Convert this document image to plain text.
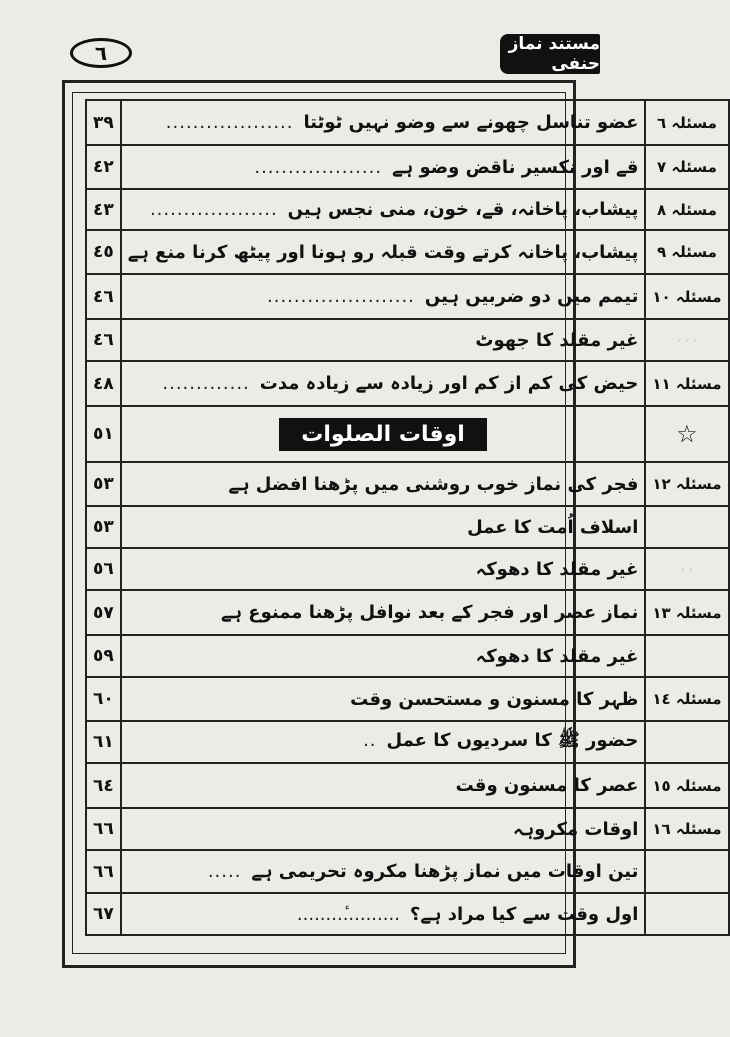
٦	مستند نماز حنفی
مسئلہ ٦	عضو تناسل چھونے سے وضو نہیں ٹوٹتا...................	٣٩
مسئلہ ٧	قے اور نکسیر ناقض وضو ہے...................	٤٢
مسئلہ ٨	پیشاب، پاخانہ، قے، خون، منی نجس ہیں...................	٤٣
مسئلہ ٩	پیشاب، پاخانہ کرتے وقت قبلہ رو ہونا اور پیٹھ کرنا منع ہے	٤٥
مسئلہ ١٠	تیمم میں دو ضربیں ہیں......................	٤٦
٠٠٠	غیر مقلد کا جھوٹ	٤٦
مسئلہ ١١	حیض کی کم از کم اور زیادہ سے زیادہ مدت.............	٤٨
☆	اوقات الصلوات	٥١
مسئلہ ١٢	فجر کی نماز خوب روشنی میں پڑھنا افضل ہے	٥٣
	اسلاف اُمت کا عمل	٥٣
٠٠	غیر مقلد کا دھوکہ	٥٦
مسئلہ ١٣	نماز عصر اور فجر کے بعد نوافل پڑھنا ممنوع ہے	٥٧
	غیر مقلد کا دھوکہ	٥٩
مسئلہ ١٤	ظہر کا مسنون و مستحسن وقت	٦٠
	حضور ﷺ کا سردیوں کا عمل..	٦١
مسئلہ ١٥	عصر کا مسنون وقت	٦٤
مسئلہ ١٦	اوقات مکروہہ	٦٦
	تین اوقات میں نماز پڑھنا مکروہ تحریمی ہے.....	٦٦
	اول وقت سے کیا مراد ہے؟..........ٔ........	٦٧
